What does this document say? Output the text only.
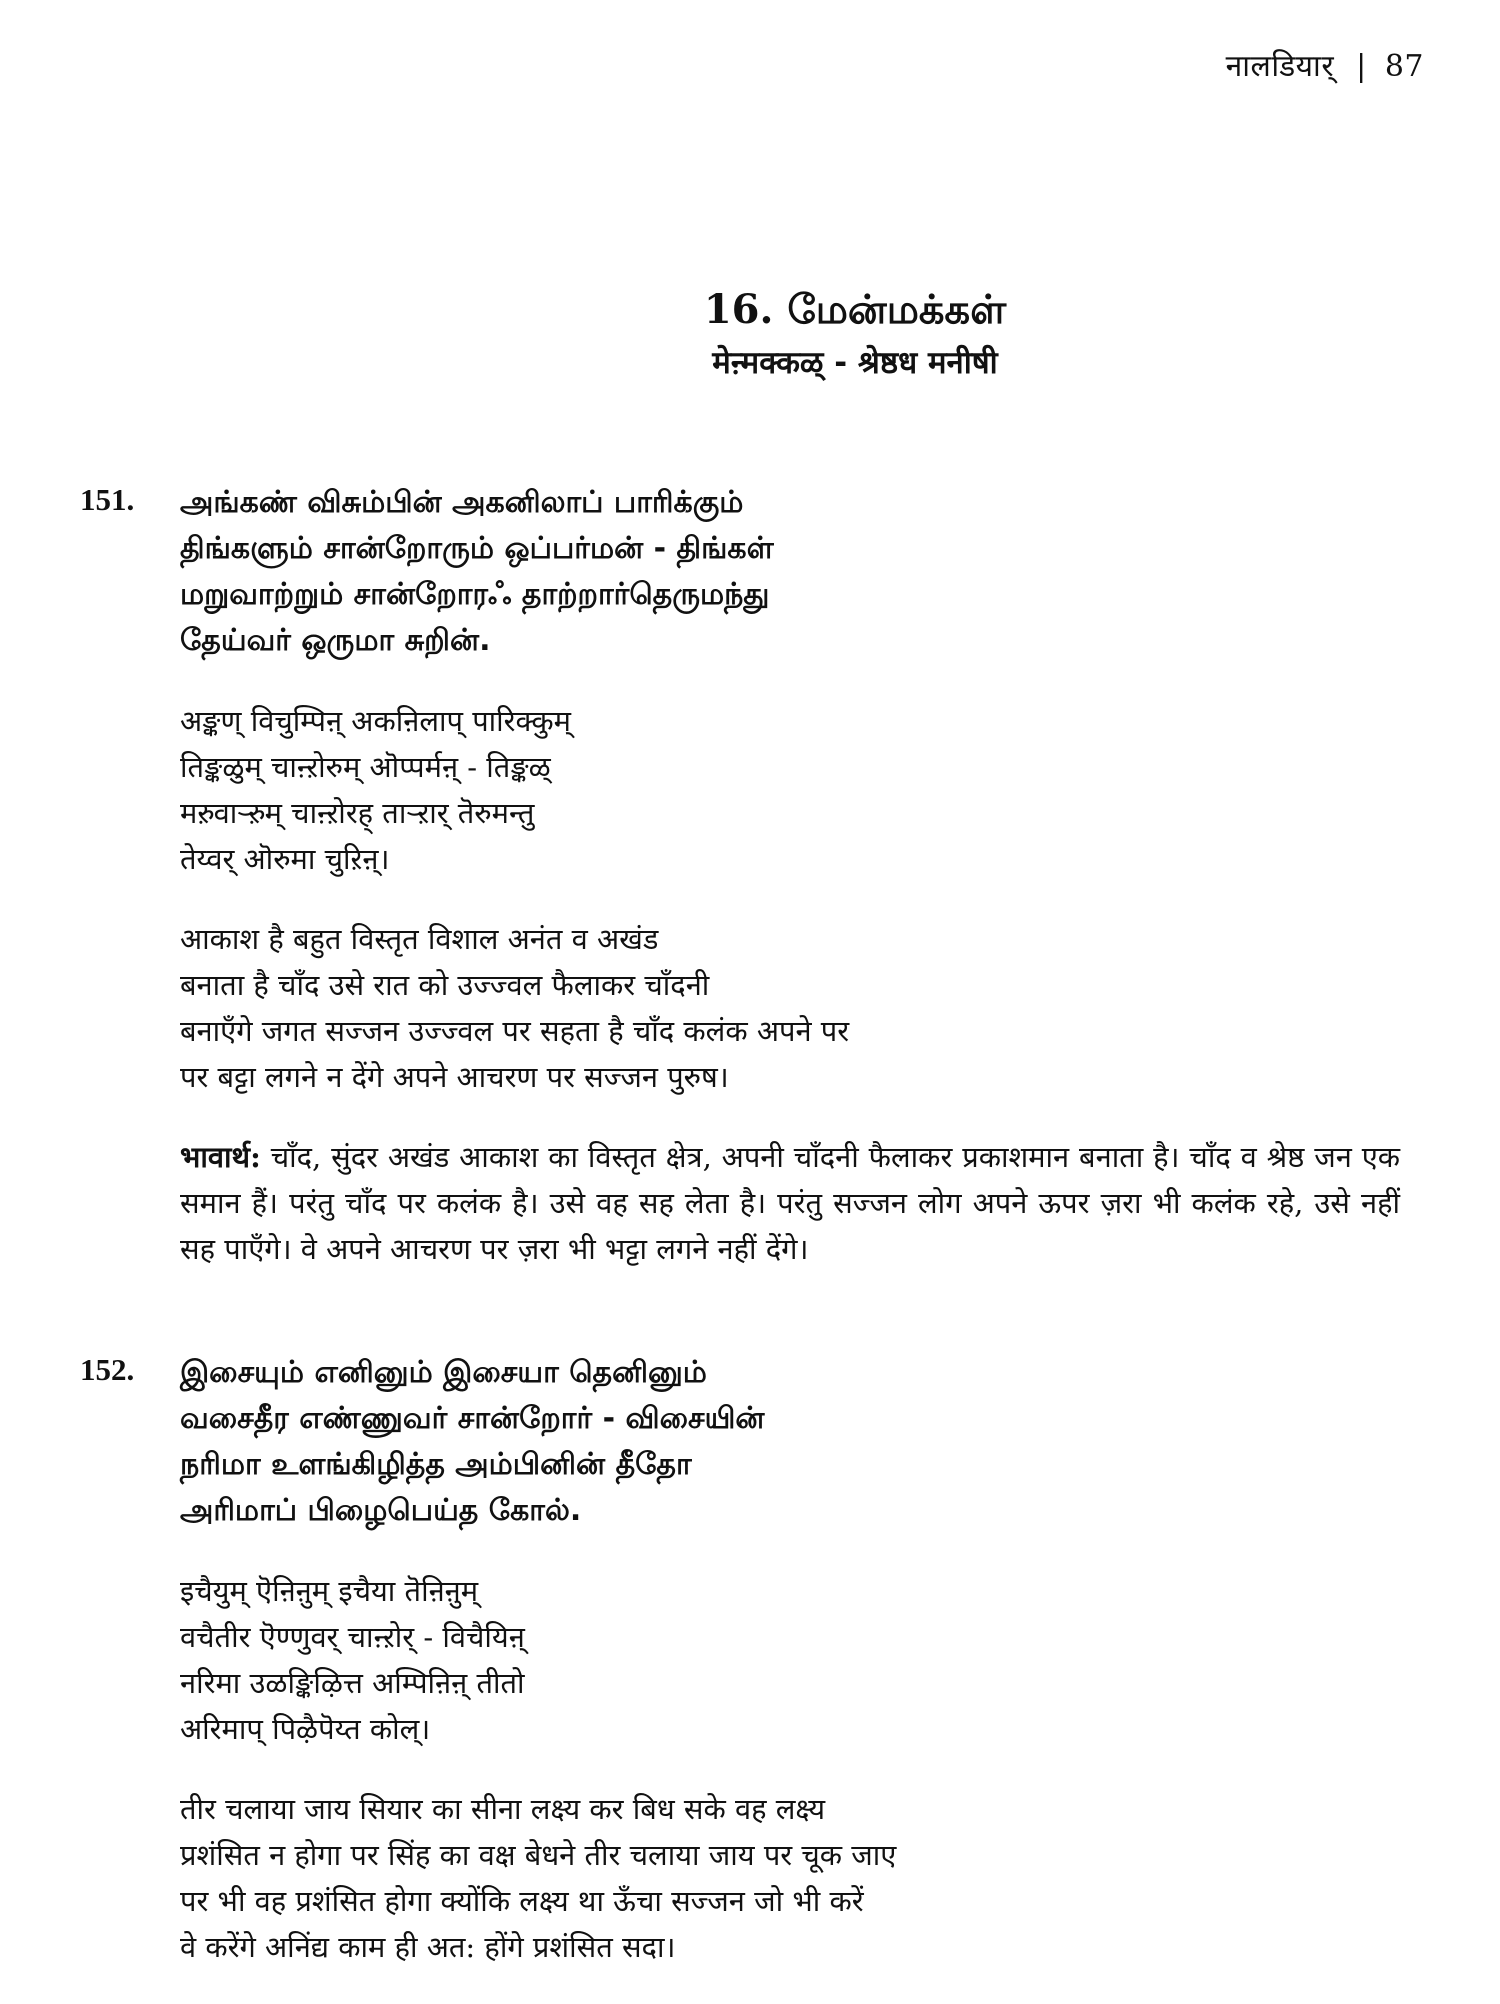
नालडियार् | 87
16. மேன்மக்கள்
मेऩ्मक्कळ् - श्रेष्ठध मनीषी
151. அங்கண் விசும்பின் அகனிலாப் பாரிக்கும்
திங்களும் சான்றோரும் ஒப்பர்மன் - திங்கள்
மறுவாற்றும் சான்றோரஃ தாற்றார்தெருமந்து
தேய்வர் ஒருமா சுறின்.
अङ्कण् विचुम्पिऩ् अकऩिलाप् पारिक्कुम्
तिङ्कळुम् चाऩ्ऱोरुम् ऒप्पर्मऩ् - तिङ्कळ्
मऱुवाऱ्ऱुम् चाऩ्ऱोरह् ताऱ्ऱार् तॆरुमन्तु
तेय्वर् ऒरुमा चुऱिऩ्।
आकाश है बहुत विस्तृत विशाल अनंत व अखंड
बनाता है चाँद उसे रात को उज्ज्वल फैलाकर चाँदनी
बनाएँगे जगत सज्जन उज्ज्वल पर सहता है चाँद कलंक अपने पर
पर बट्टा लगने न देंगे अपने आचरण पर सज्जन पुरुष।
भावार्थ: चाँद, सुंदर अखंड आकाश का विस्तृत क्षेत्र, अपनी चाँदनी फैलाकर प्रकाशमान बनाता है। चाँद व श्रेष्ठ जन एक समान हैं। परंतु चाँद पर कलंक है। उसे वह सह लेता है। परंतु सज्जन लोग अपने ऊपर ज़रा भी कलंक रहे, उसे नहीं सह पाएँगे। वे अपने आचरण पर ज़रा भी भट्टा लगने नहीं देंगे।
152. இசையும் எனினும் இசையா தெனினும்
வசைதீர எண்ணுவர் சான்றோர் - விசையின்
நரிமா உளங்கிழித்த அம்பினின் தீதோ
அரிமாப் பிழைபெய்த கோல்.
इचैयुम् ऎऩिऩुम् इचैया तॆऩिऩुम्
वचैतीर ऎण्णुवर् चाऩ्ऱोर् - विचैयिऩ्
नरिमा उळङ्किऴित्त अम्पिऩिऩ् तीतो
अरिमाप् पिऴैपॆय्त कोल्।
तीर चलाया जाय सियार का सीना लक्ष्य कर बिध सके वह लक्ष्य
प्रशंसित न होगा पर सिंह का वक्ष बेधने तीर चलाया जाय पर चूक जाए
पर भी वह प्रशंसित होगा क्योंकि लक्ष्य था ऊँचा सज्जन जो भी करें
वे करेंगे अनिंद्य काम ही अत: होंगे प्रशंसित सदा।
